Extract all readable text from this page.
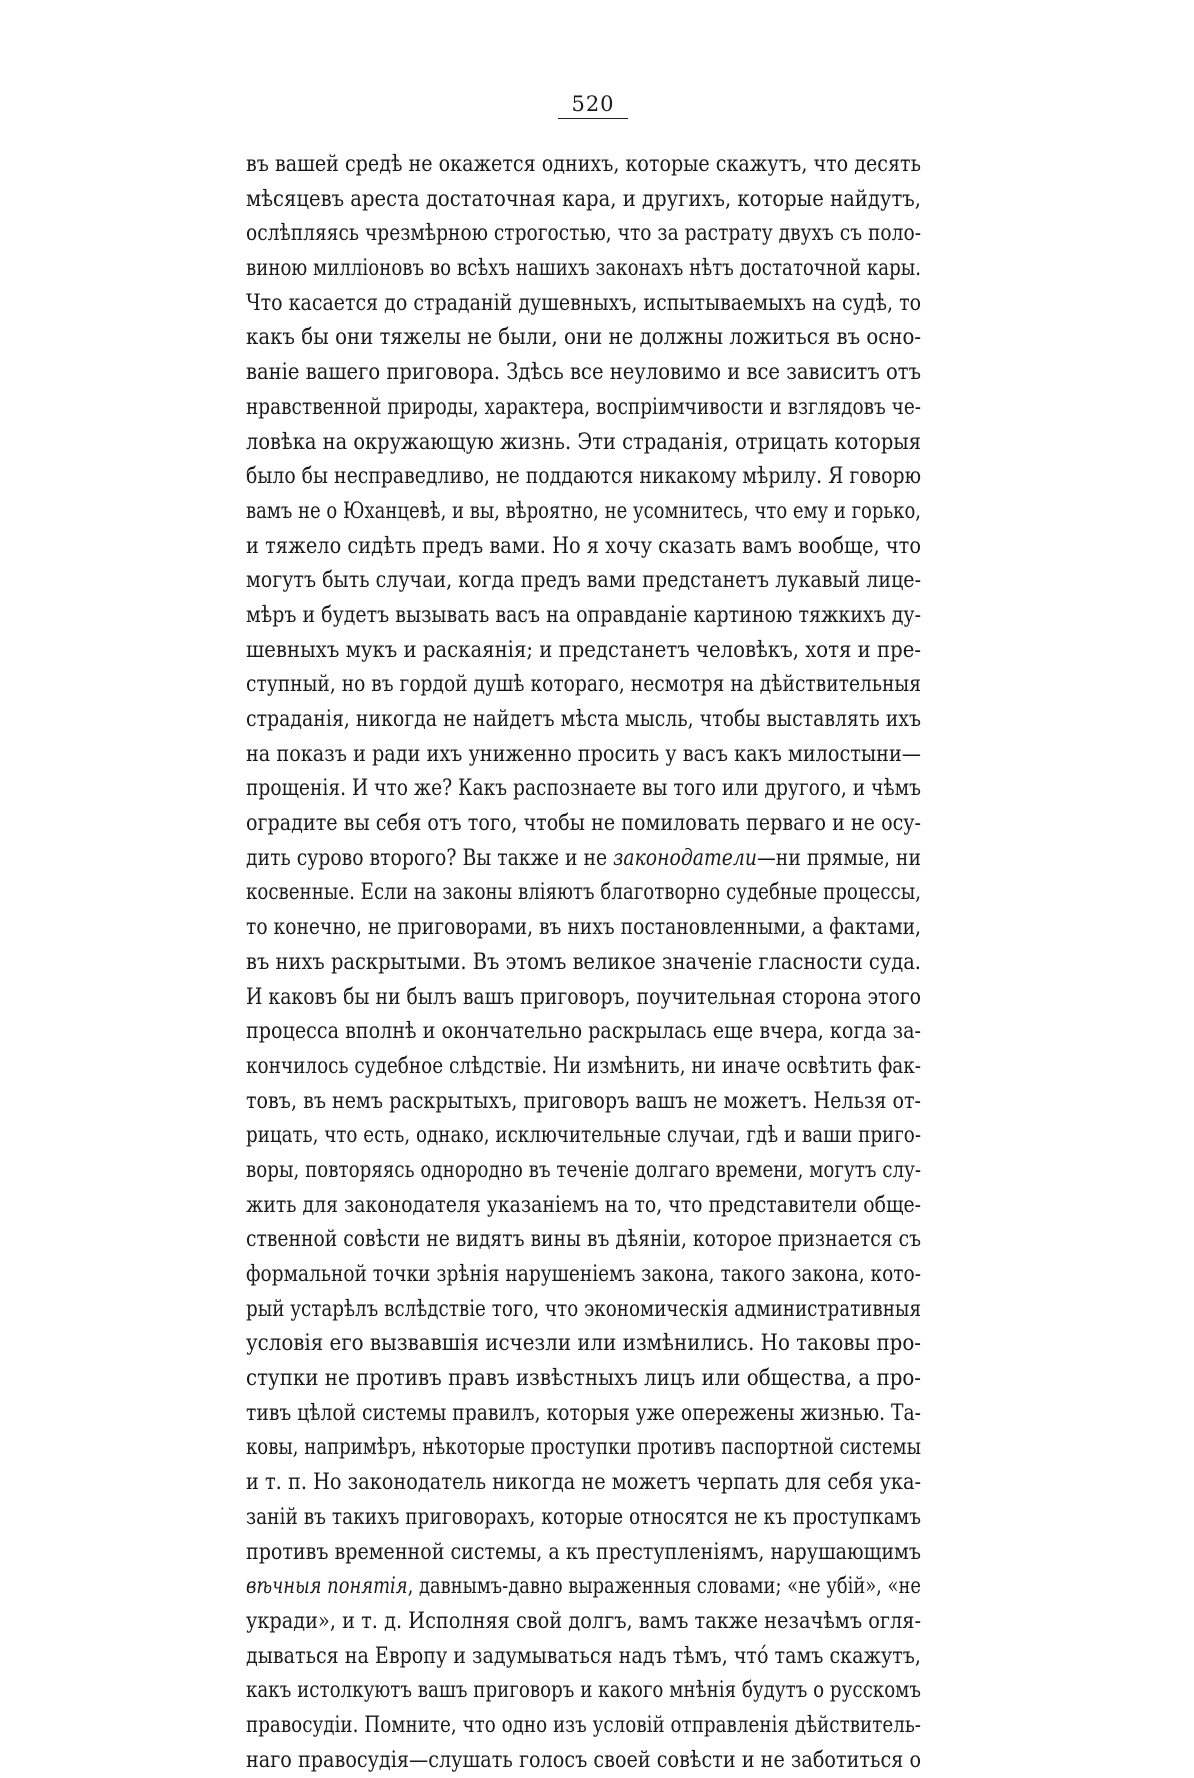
520
въ вашей средѣ не окажется однихъ, которые скажутъ, что десять
мѣсяцевъ ареста достаточная кара, и другихъ, которые найдутъ,
ослѣпляясь чрезмѣрною строгостью, что за растрату двухъ съ поло-
виною миллiоновъ во всѣхъ нашихъ законахъ нѣтъ достаточной кары.
Что касается до страданiй душевныхъ, испытываемыхъ на судѣ, то
какъ бы они тяжелы не были, они не должны ложиться въ осно-
ванiе вашего приговора. Здѣсь все неуловимо и все зависитъ отъ
нравственной природы, характера, воспрiимчивости и взглядовъ че-
ловѣка на окружающую жизнь. Эти страданiя, отрицать которыя
было бы несправедливо, не поддаются никакому мѣрилу. Я говорю
вамъ не о Юханцевѣ, и вы, вѣроятно, не усомнитесь, что ему и горько,
и тяжело сидѣть предъ вами. Но я хочу сказать вамъ вообще, что
могутъ быть случаи, когда предъ вами предстанетъ лукавый лице-
мѣръ и будетъ вызывать васъ на оправданiе картиною тяжкихъ ду-
шевныхъ мукъ и раскаянiя; и предстанетъ человѣкъ, хотя и пре-
ступный, но въ гордой душѣ котораго, несмотря на дѣйствительныя
страданiя, никогда не найдетъ мѣста мысль, чтобы выставлять ихъ
на показъ и ради ихъ униженно просить у васъ какъ милостыни—
прощенiя. И что же? Какъ распознаете вы того или другого, и чѣмъ
оградите вы себя отъ того, чтобы не помиловать перваго и не осу-
дить сурово второго? Вы также и не законодатели—ни прямые, ни
косвенные. Если на законы влiяютъ благотворно судебные процессы,
то конечно, не приговорами, въ нихъ постановленными, а фактами,
въ нихъ раскрытыми. Въ этомъ великое значенiе гласности суда.
И каковъ бы ни былъ вашъ приговоръ, поучительная сторона этого
процесса вполнѣ и окончательно раскрылась еще вчера, когда за-
кончилось судебное слѣдствiе. Ни измѣнить, ни иначе освѣтить фак-
товъ, въ немъ раскрытыхъ, приговоръ вашъ не можетъ. Нельзя от-
рицать, что есть, однако, исключительные случаи, гдѣ и ваши приго-
воры, повторяясь однородно въ теченiе долгаго времени, могутъ слу-
жить для законодателя указанiемъ на то, что представители обще-
ственной совѣсти не видятъ вины въ дѣянiи, которое признается съ
формальной точки зрѣнiя нарушенiемъ закона, такого закона, кото-
рый устарѣлъ вслѣдствiе того, что экономическiя административныя
условiя его вызвавшiя исчезли или измѣнились. Но таковы про-
ступки не противъ правъ извѣстныхъ лицъ или общества, а про-
тивъ цѣлой системы правилъ, которыя уже опережены жизнью. Та-
ковы, напримѣръ, нѣкоторые проступки противъ паспортной системы
и т. п. Но законодатель никогда не можетъ черпать для себя ука-
занiй въ такихъ приговорахъ, которые относятся не къ проступкамъ
противъ временной системы, а къ преступленiямъ, нарушающимъ
вѣчныя понятiя, давнымъ-давно выраженныя словами; «не убiй», «не
укради», и т. д. Исполняя свой долгъ, вамъ также незачѣмъ огля-
дываться на Европу и задумываться надъ тѣмъ, что́ тамъ скажутъ,
какъ истолкуютъ вашъ приговоръ и какого мнѣнiя будутъ о русскомъ
правосудiи. Помните, что одно изъ условiй отправленiя дѣйствитель-
наго правосудiя—слушать голосъ своей совѣсти и не заботиться о
